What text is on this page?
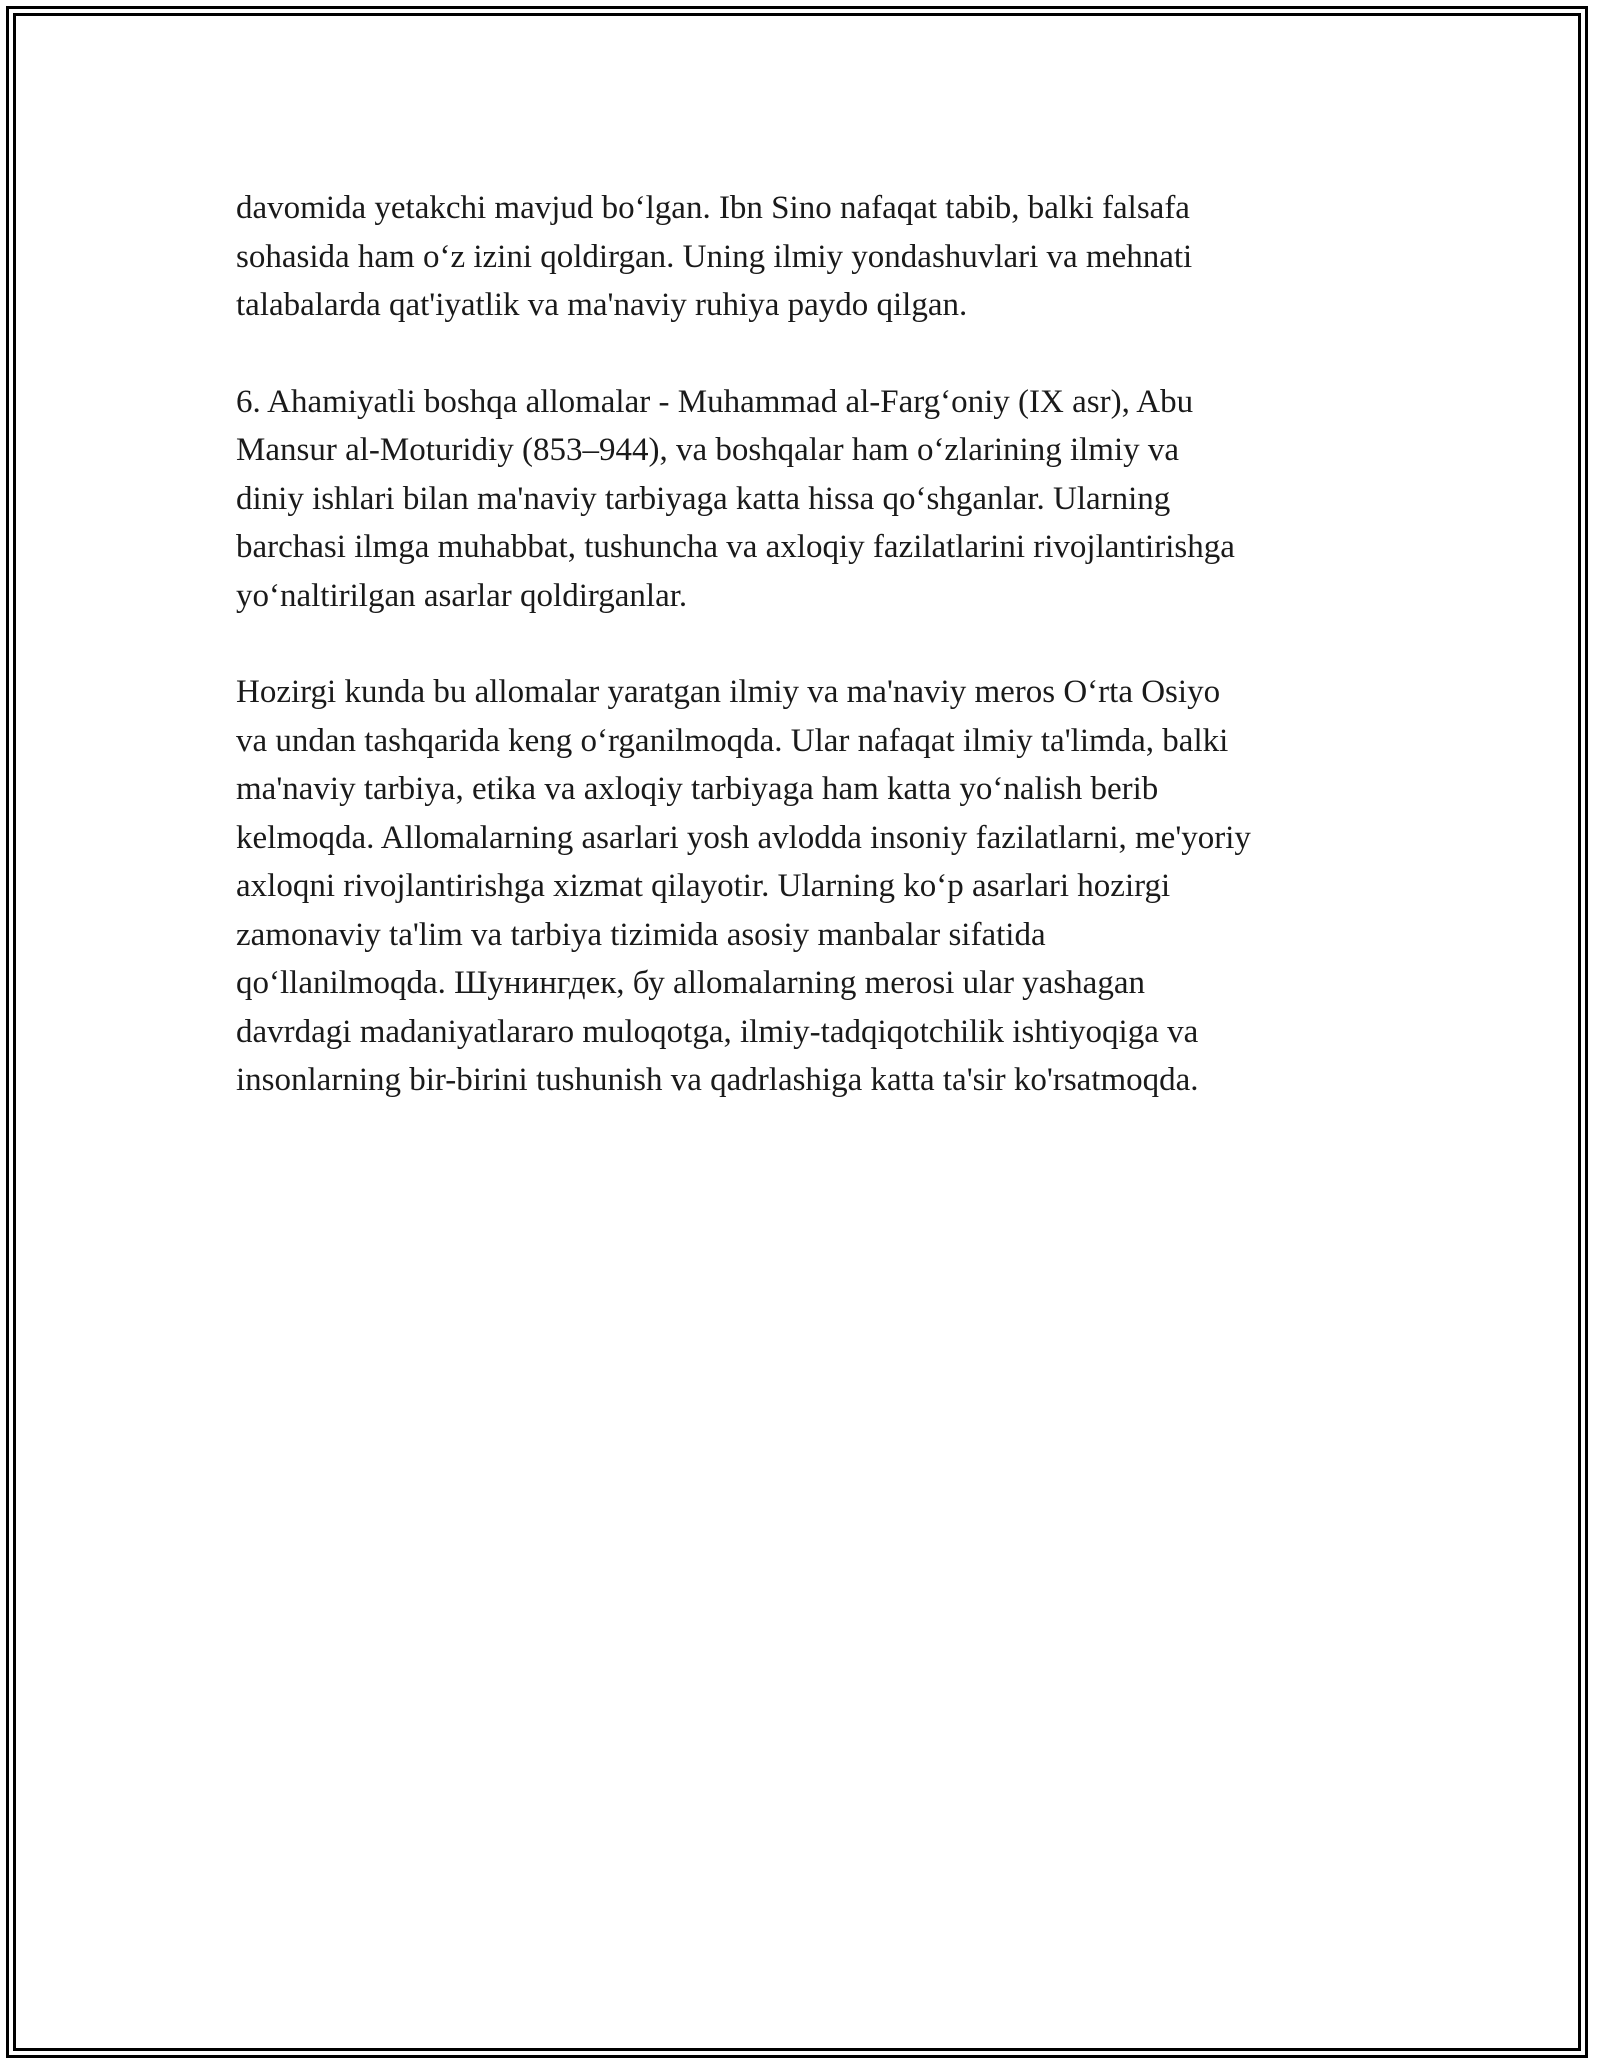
davomida yetakchi mavjud bo‘lgan. Ibn Sino nafaqat tabib, balki falsafa
sohasida ham o‘z izini qoldirgan. Uning ilmiy yondashuvlari va mehnati
talabalarda qat'iyatlik va ma'naviy ruhiya paydo qilgan.

6. Ahamiyatli boshqa allomalar - Muhammad al-Farg‘oniy (IX asr), Abu
Mansur al-Moturidiy (853–944), va boshqalar ham o‘zlarining ilmiy va
diniy ishlari bilan ma'naviy tarbiyaga katta hissa qo‘shganlar. Ularning
barchasi ilmga muhabbat, tushuncha va axloqiy fazilatlarini rivojlantirishga
yo‘naltirilgan asarlar qoldirganlar.

Hozirgi kunda bu allomalar yaratgan ilmiy va ma'naviy meros O‘rta Osiyo
va undan tashqarida keng o‘rganilmoqda. Ular nafaqat ilmiy ta'limda, balki
ma'naviy tarbiya, etika va axloqiy tarbiyaga ham katta yo‘nalish berib
kelmoqda. Allomalarning asarlari yosh avlodda insoniy fazilatlarni, me'yoriy
axloqni rivojlantirishga xizmat qilayotir. Ularning ko‘p asarlari hozirgi
zamonaviy ta'lim va tarbiya tizimida asosiy manbalar sifatida
qo‘llanilmoqda. Шунингдек, бу allomalarning merosi ular yashagan
davrdagi madaniyatlararo muloqotga, ilmiy-tadqiqotchilik ishtiyoqiga va
insonlarning bir-birini tushunish va qadrlashiga katta ta'sir ko'rsatmoqda.
